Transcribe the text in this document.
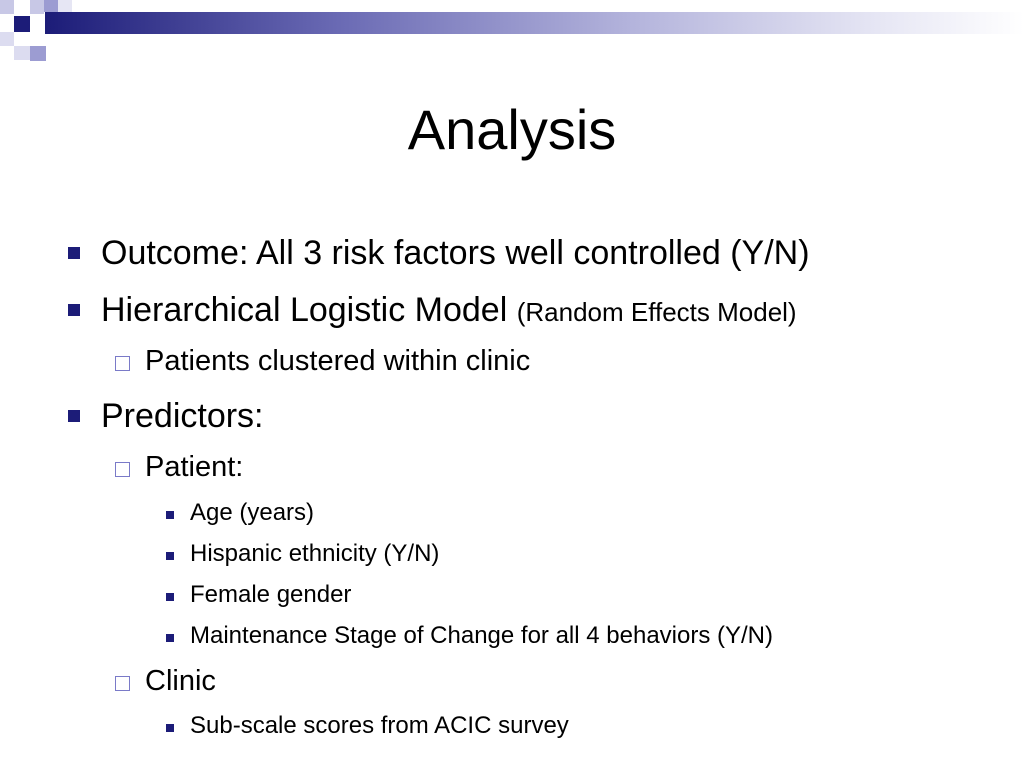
Analysis
Outcome: All 3 risk factors well controlled (Y/N)
Hierarchical Logistic Model (Random Effects Model)
Patients clustered within clinic
Predictors:
Patient:
Age (years)
Hispanic ethnicity (Y/N)
Female gender
Maintenance Stage of Change for all 4 behaviors (Y/N)
Clinic
Sub-scale scores from ACIC survey
